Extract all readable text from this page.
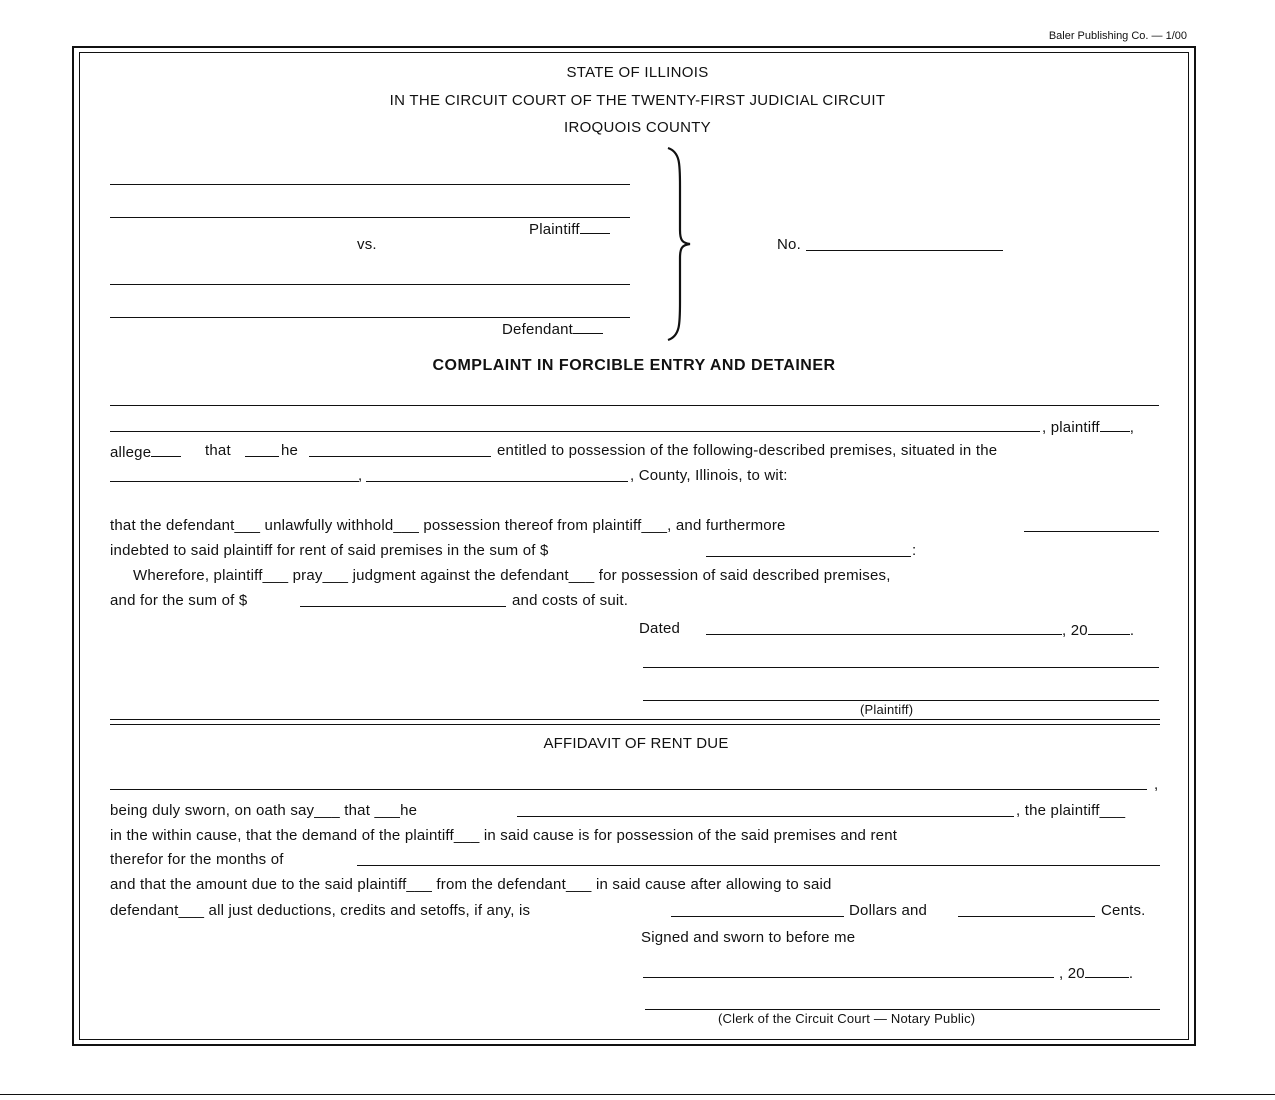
Baler Publishing Co. — 1/00
STATE OF ILLINOIS
IN THE CIRCUIT COURT OF THE TWENTY-FIRST JUDICIAL CIRCUIT
IROQUOIS COUNTY
Plaintiff
vs.
Defendant
No.
COMPLAINT IN FORCIBLE ENTRY AND DETAINER
, plaintiff ,
allege	that	he	entitled to possession of the following-described premises, situated in the
,	, County, Illinois, to wit:
that the defendant___ unlawfully withhold___ possession thereof from plaintiff___, and furthermore
indebted to said plaintiff for rent of said premises in the sum of $	:
Wherefore, plaintiff___ pray___ judgment against the defendant___ for possession of said described premises,
and for the sum of $	and costs of suit.
Dated	, 20	.
(Plaintiff)
AFFIDAVIT OF RENT DUE
,
being duly sworn, on oath say___ that ___he	, the plaintiff___
in the within cause, that the demand of the plaintiff___ in said cause is for possession of the said premises and rent
therefor for the months of
and that the amount due to the said plaintiff___ from the defendant___ in said cause after allowing to said
defendant___ all just deductions, credits and setoffs, if any, is	Dollars and	Cents.
Signed and sworn to before me
, 20	.
(Clerk of the Circuit Court — Notary Public)
